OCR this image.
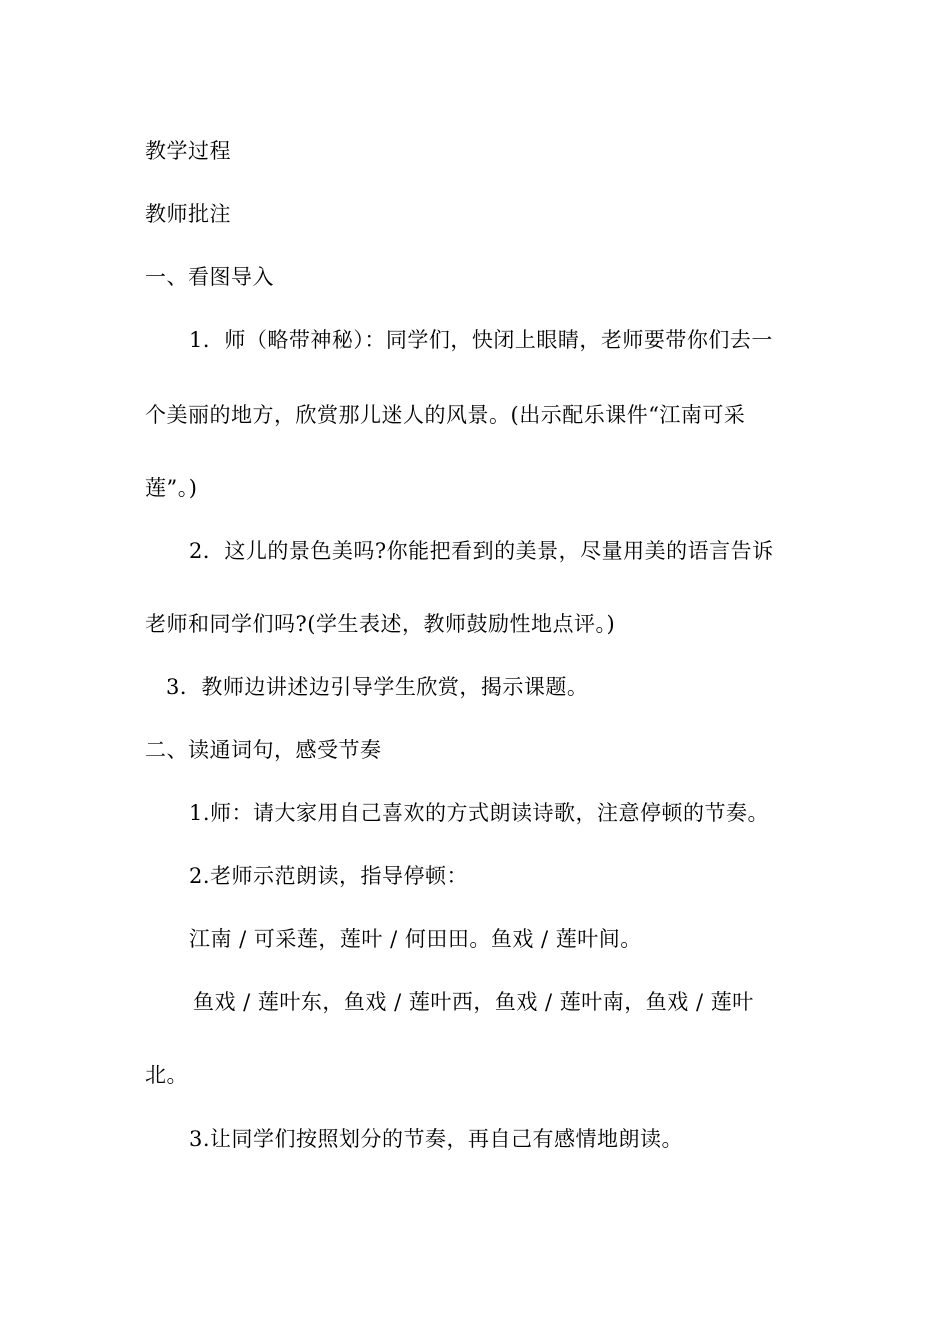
教学过程
教师批注
一、看图导入
1．师（略带神秘）：同学们，快闭上眼睛，老师要带你们去一
个美丽的地方，欣赏那儿迷人的风景。(出示配乐课件“江南可采
莲”。)
2．这儿的景色美吗?你能把看到的美景，尽量用美的语言告诉
老师和同学们吗?(学生表述，教师鼓励性地点评。)
3．教师边讲述边引导学生欣赏，揭示课题。
二、读通词句，感受节奏
1.师：请大家用自己喜欢的方式朗读诗歌，注意停顿的节奏。
2.老师示范朗读，指导停顿：
江南 / 可采莲，莲叶 / 何田田。鱼戏 / 莲叶间。
鱼戏 / 莲叶东，鱼戏 / 莲叶西，鱼戏 / 莲叶南，鱼戏 / 莲叶
北。
3.让同学们按照划分的节奏，再自己有感情地朗读。
